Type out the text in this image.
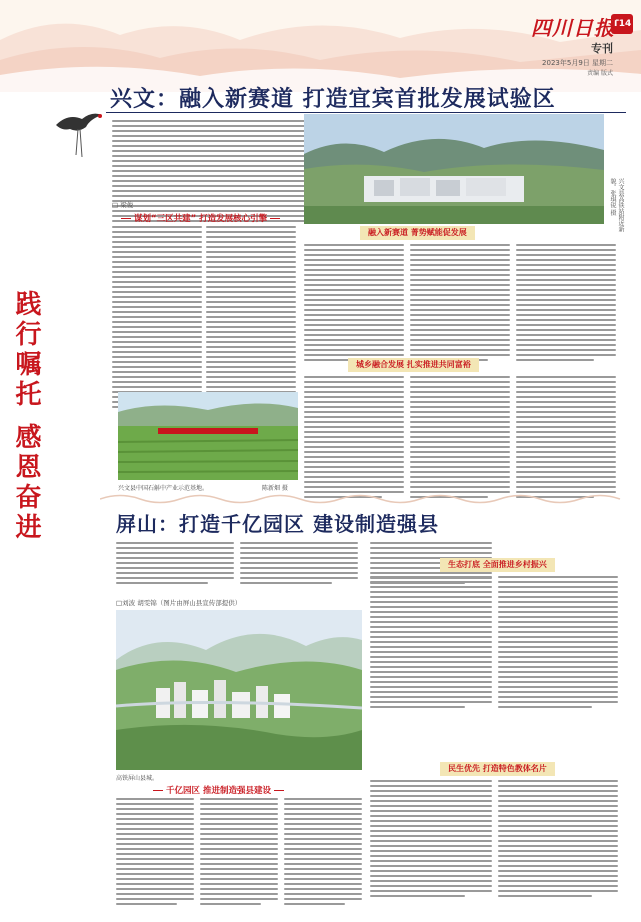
T14
四川日报
专刊
2023年5月9日 星期二
责编 版式
兴文：融入新赛道 打造宜宾首批发展试验区
□ 梁俊	兴文县高铁站附近新貌。张琪锐 摄
践行嘱托 感恩奋进
谋划“三区共建” 打造发展核心引擎
兴文县中国石斛中产业示范基地。	陈新畑 摄
融入新赛道 菁势赋能促发展
城乡融合发展 扎实推进共同富裕
屏山：打造千亿园区 建设制造强县
□刘波 胡雯锦（图片由屏山县宣传部提供）
高铁屏山县城。
生态打底 全面推进乡村振兴
民生优先 打造特色教体名片
千亿园区 推进制造强县建设
